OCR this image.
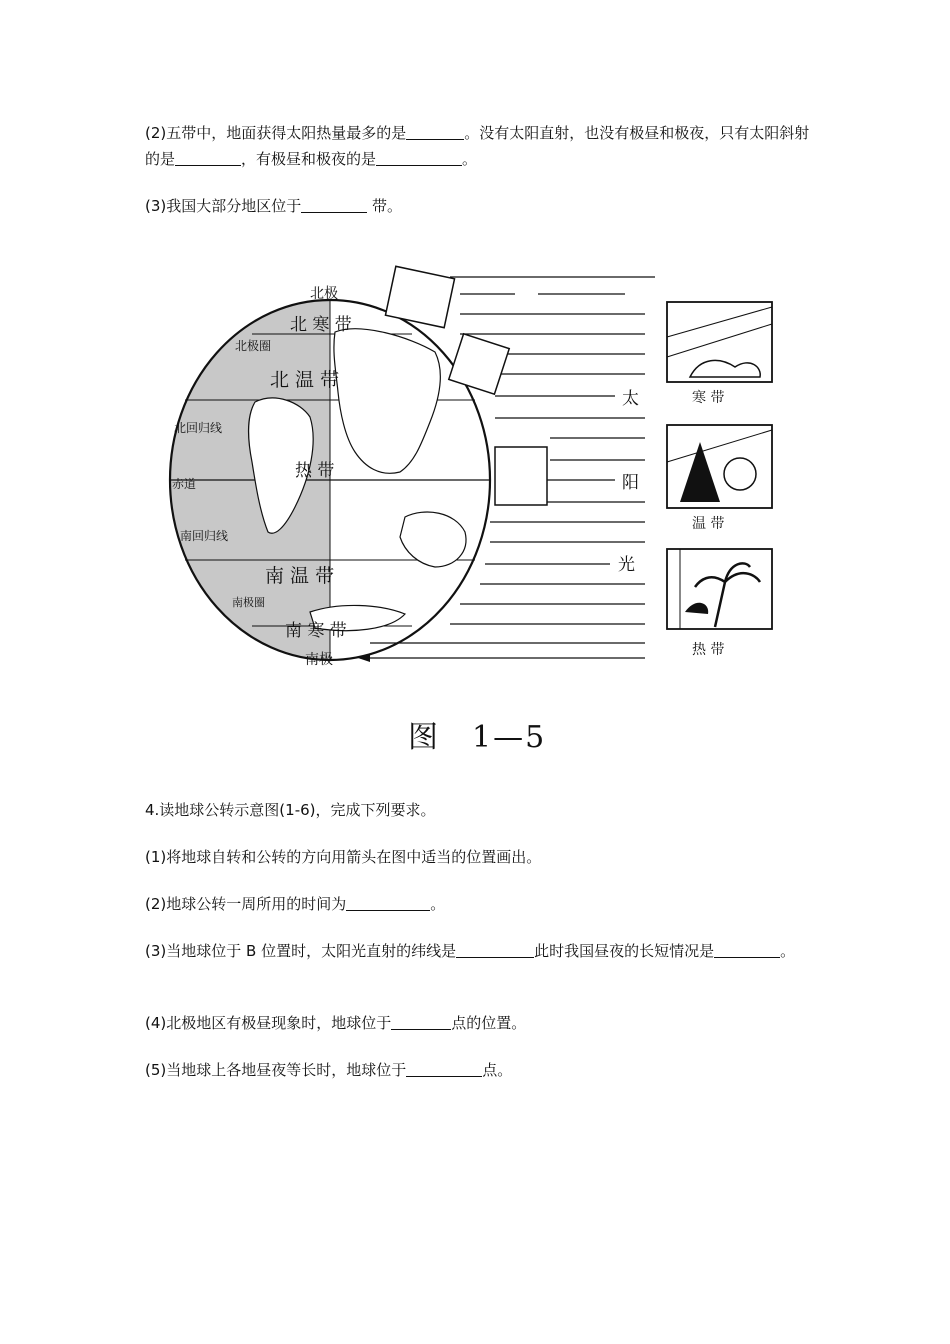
(2)五带中，地面获得太阳热量最多的是	。没有太阳直射，也没有极昼和极夜，只有太阳斜射的是	，有极昼和极夜的是	。

(3)我国大部分地区位于	带。

北 寒 带
北 温 带
热 带
南 温 带
南 寒 带
北极
南极
北极圈
北回归线
赤道
南回归线
南极圈
太
阳
光
寒 带
温 带
热 带
图　1—5

4.读地球公转示意图(1-6)，完成下列要求。

(1)将地球自转和公转的方向用箭头在图中适当的位置画出。

(2)地球公转一周所用的时间为	。

(3)当地球位于 B 位置时，太阳光直射的纬线是	此时我国昼夜的长短情况是	。

(4)北极地区有极昼现象时，地球位于	点的位置。

(5)当地球上各地昼夜等长时，地球位于	点。
